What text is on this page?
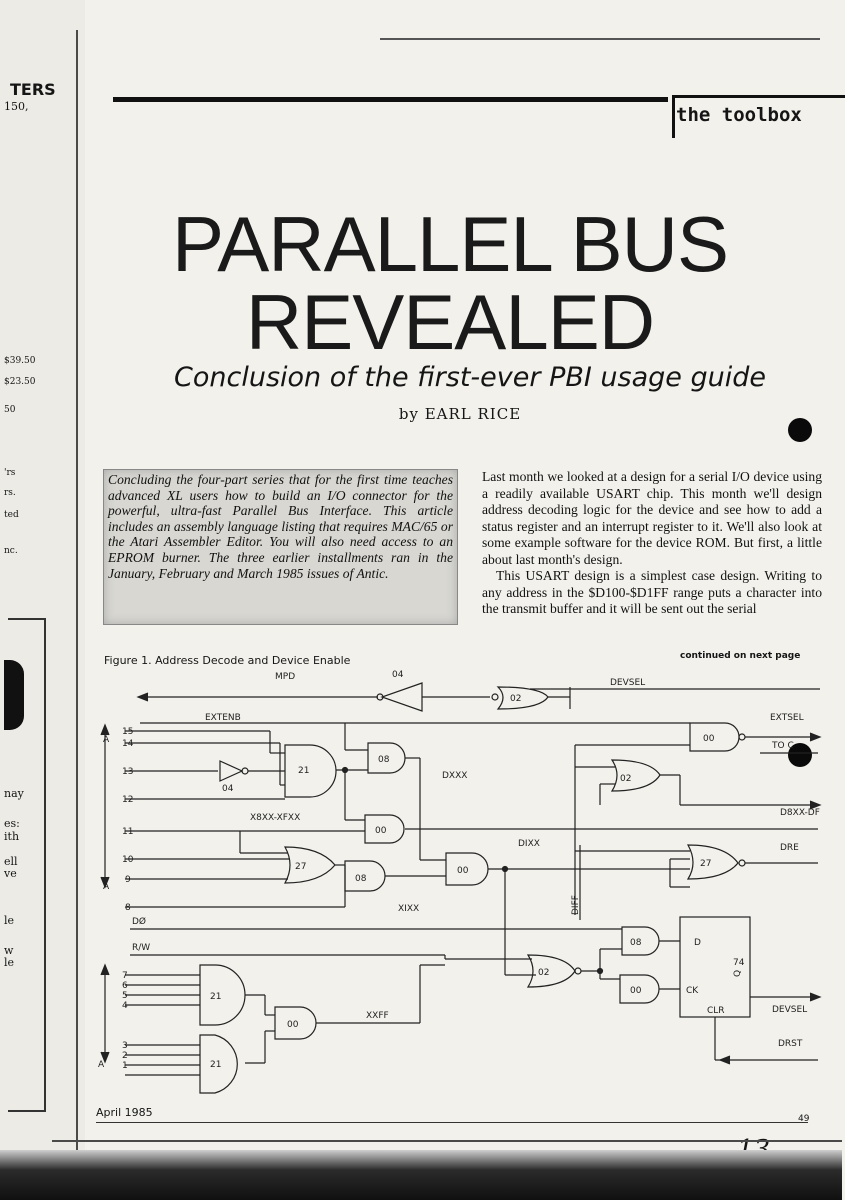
TERS
150,
$39.50
$23.50
50
'rs
rs.
ted
nc.
nay
es:
ith
ell
ve
le
w
le
the toolbox
PARALLEL BUS
REVEALED
Conclusion of the first-ever PBI usage guide
by EARL RICE
Concluding the four-part series that for the first time teaches advanced XL users how to build an I/O connector for the powerful, ultra-fast Parallel Bus Interface. This article includes an assembly language listing that requires MAC/65 or the Atari Assembler Editor. You will also need access to an EPROM burner. The three earlier installments ran in the January, February and March 1985 issues of Antic.

Last month we looked at a design for a serial I/O device using a readily available USART chip. This month we'll design address decoding logic for the device and see how to add a status register and an interrupt register to it. We'll also look at some example software for the device ROM. But first, a little about last month's design.

This USART design is a simplest case design. Writing to any address in the $D100-$D1FF range puts a character into the transmit buffer and it will be sent out the serial

Figure 1. Address Decode and Device Enable	continued on next page
MPD
DEVSEL
EXTENB	EXTSEL
TO C
DXXX
X8XX-XFXX	D8XX-DF
DIXX	DRE
XIXX	DIFF
DØ
R/W
XXFF
DEVSEL
DRST
A
A
A
15
14
13
12
11
10
9
8
7
6
5
4
3
2
1
04
02
00
21
04
08
02
00
27
08
00
27
08
02
00
74
21
00
21
D
CK
Q
CLR
April 1985	49
